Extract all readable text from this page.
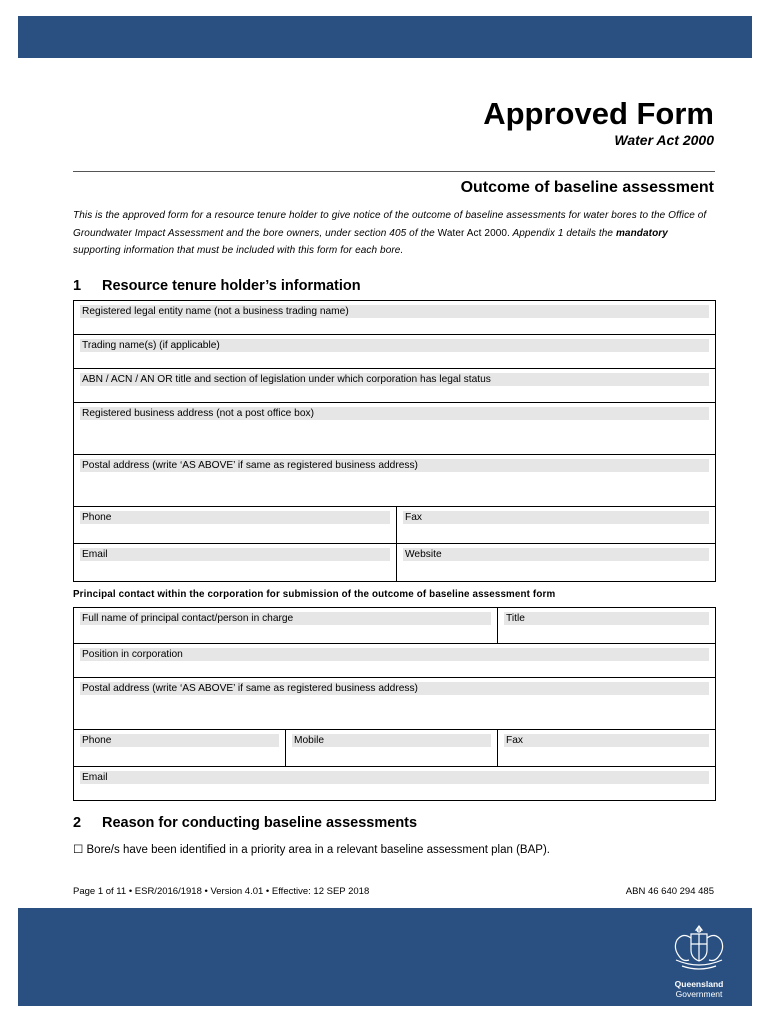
Approved Form
Water Act 2000
Outcome of baseline assessment
This is the approved form for a resource tenure holder to give notice of the outcome of baseline assessments for water bores to the Office of Groundwater Impact Assessment and the bore owners, under section 405 of the Water Act 2000. Appendix 1 details the mandatory supporting information that must be included with this form for each bore.
1 Resource tenure holder’s information
Registered legal entity name (not a business trading name)
Trading name(s) (if applicable)
ABN / ACN / AN OR title and section of legislation under which corporation has legal status
Registered business address (not a post office box)
Postal address (write ‘AS ABOVE’ if same as registered business address)
Phone	Fax
Email	Website
Principal contact within the corporation for submission of the outcome of baseline assessment form
Full name of principal contact/person in charge	Title
Position in corporation
Postal address (write ‘AS ABOVE’ if same as registered business address)
Phone	Mobile	Fax
Email
2 Reason for conducting baseline assessments
☐ Bore/s have been identified in a priority area in a relevant baseline assessment plan (BAP).
Page 1 of 11 • ESR/2016/1918 • Version 4.01 • Effective: 12 SEP 2018	ABN 46 640 294 485
Queensland
Government
